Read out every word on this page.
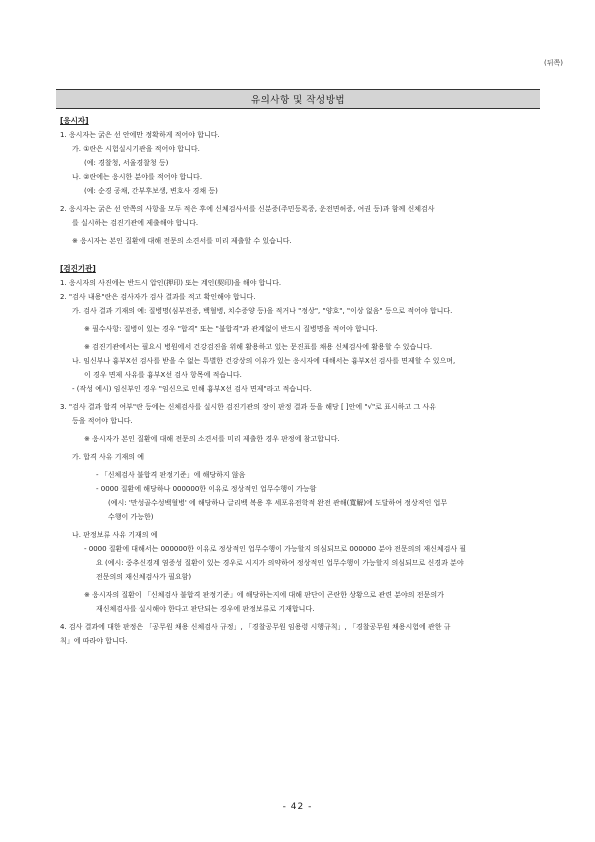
(뒤쪽)
유의사항 및 작성방법
[응시자]
1. 응시자는 굵은 선 안에만 정확하게 적어야 합니다.
가. ①란은 시험실시기관을 적어야 합니다.
(예: 경찰청, 서울경찰청 등)
나. ②란에는 응시한 분야를 적어야 합니다.
(예: 순경 공채, 간부후보생, 변호사 경채 등)
2. 응시자는 굵은 선 안쪽의 사항을 모두 적은 후에 신체검사서를 신분증(주민등록증, 운전면허증, 여권 등)과 함께 신체검사
를 실시하는 검진기관에 제출해야 합니다.
※ 응시자는 본인 질환에 대해 전문의 소견서를 미리 제출할 수 있습니다.
[검진기관]
1. 응시자의 사진에는 반드시 압인(押印) 또는 계인(契印)을 해야 합니다.
2. "검사 내용"란은 검사자가 검사 결과를 적고 확인해야 합니다.
가. 검사 결과 기재의 예: 질병명(심부전증, 백혈병, 치수증양 등)을 적거나 "정상", "양호", "이상 없음" 등으로 적어야 합니다.
※ 필수사항: 질병이 있는 경우 "합격" 또는 "불합격"과 관계없이 반드시 질병명을 적어야 합니다.
※ 검진기관에서는 필요시 병원에서 건강검진을 위해 활용하고 있는 문진표를 채용 신체검사에 활용할 수 있습니다.
나. 임신부나 흉부X선 검사를 받을 수 없는 특별한 건강상의 이유가 있는 응시자에 대해서는 흉부X선 검사를 면제할 수 있으며,
이 경우 면제 사유를 흉부X선 검사 항목에 적습니다.
- (작성 예시) 임신부인 경우 "임신으로 인해 흉부X선 검사 면제"라고 적습니다.
3. "검사 결과 합격 여부"란 등에는 신체검사를 실시한 검진기관의 장이 판정 결과 등을 해당 [ ]안에 "√"로 표시하고 그 사유
등을 적어야 합니다.
※ 응시자가 본인 질환에 대해 전문의 소견서를 미리 제출한 경우 판정에 참고합니다.
가. 합격 사유 기재의 예
- 「신체검사 불합격 판정기준」에 해당하지 않음
- 0000 질환에 해당하나 000000한 이유로 정상적인 업무수행이 가능함
(예시: '만성골수성백혈병' 에 해당하나 글리벡 복용 후 세포유전학적 완전 관해(寬解)에 도달하여 정상적인 업무
수행이 가능한)
나. 판정보류 사유 기재의 예
- 0000 질환에 대해서는 000000한 이유로 정상적인 업무수행이 가능할지 의심되므로 000000 분야 전문의의 재신체검사 필
요 (예시: 중추신경계 염증성 질환이 있는 경우로 시지가 의약하여 정상적인 업무수행이 가능할지 의심되므로 신경과 분야
전문의의 재신체검사가 필요함)
※ 응시자의 질환이 「신체검사 불합격 판정기준」에 해당하는지에 대해 판단이 곤란한 상황으로 관련 분야의 전문의가
재신체검사를 실시해야 한다고 판단되는 경우에 판정보류로 기재합니다.
4. 검사 결과에 대한 판정은 「공무원 채용 신체검사 규정」, 「경찰공무원 임용령 시행규칙」, 「경찰공무원 채용시험에 관한 규
칙」에 따라야 합니다.
- 42 -
